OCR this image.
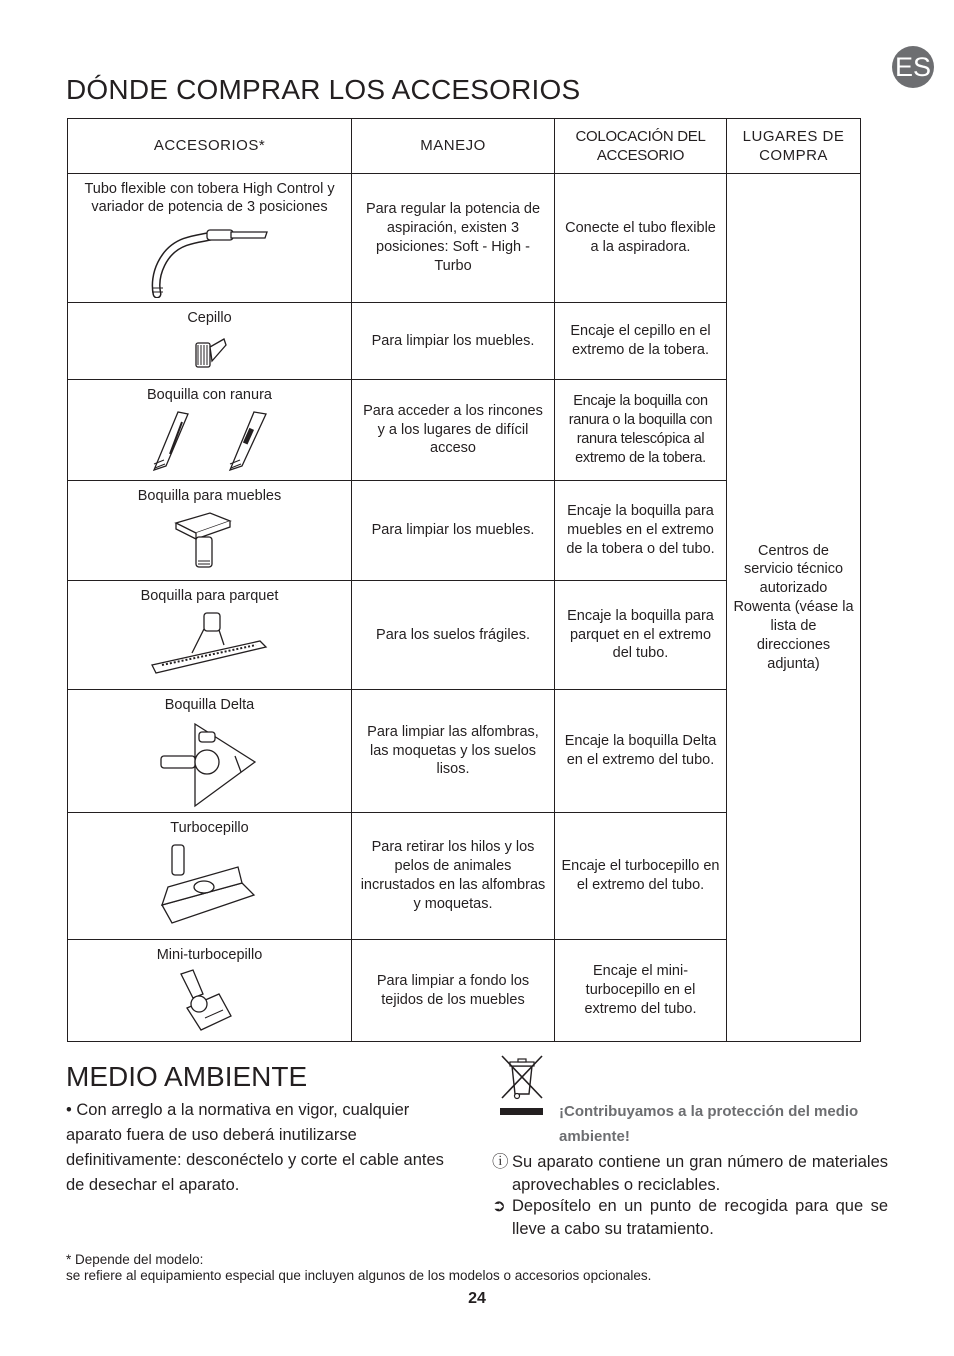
ES
DÓNDE COMPRAR LOS ACCESORIOS
ACCESORIOS*	MANEJO	COLOCACIÓN DEL ACCESORIO	LUGARES DE COMPRA

Tubo flexible con tobera High Control y variador de potencia de 3 posiciones	Para regular la potencia de aspiración, existen 3 posiciones: Soft - High - Turbo	Conecte el tubo flexible a la aspiradora.	Centros de servicio técnico autorizado Rowenta (véase la lista de direcciones adjunta)

Cepillo	Para limpiar los muebles.	Encaje el cepillo en el extremo de la tobera.	

Boquilla con ranura	Para acceder a los rincones y a los lugares de difícil acceso	Encaje la boquilla con ranura o la boquilla con ranura telescópica al extremo de la tobera.	

Boquilla para muebles	Para limpiar los muebles.	Encaje la boquilla para muebles en el extremo de la tobera o del tubo.	

Boquilla para parquet	Para los suelos frágiles.	Encaje la boquilla para parquet en el extremo del tubo.	

Boquilla Delta	Para limpiar las alfombras, las moquetas y los suelos lisos.	Encaje la boquilla Delta en el extremo del tubo.	

Turbocepillo	Para retirar los hilos y los pelos de animales incrustados en las alfombras y moquetas.	Encaje el turbocepillo en el extremo del tubo.	

Mini-turbocepillo	Para limpiar a fondo los tejidos de los muebles	Encaje el mini-turbocepillo en el extremo del tubo.	
MEDIO AMBIENTE

• Con arreglo a la normativa en vigor, cualquier aparato fuera de uso deberá inutilizarse definitivamente: desconéctelo y corte el cable antes de desechar el aparato.

¡Contribuyamos a la protección del medio ambiente!

ⓘ Su aparato contiene un gran número de materiales aprovechables o reciclables.

➲ Deposítelo en un punto de recogida para que se lleve a cabo su tratamiento.

* Depende del modelo:
se refiere al equipamiento especial que incluyen algunos de los modelos o accesorios opcionales.

24
